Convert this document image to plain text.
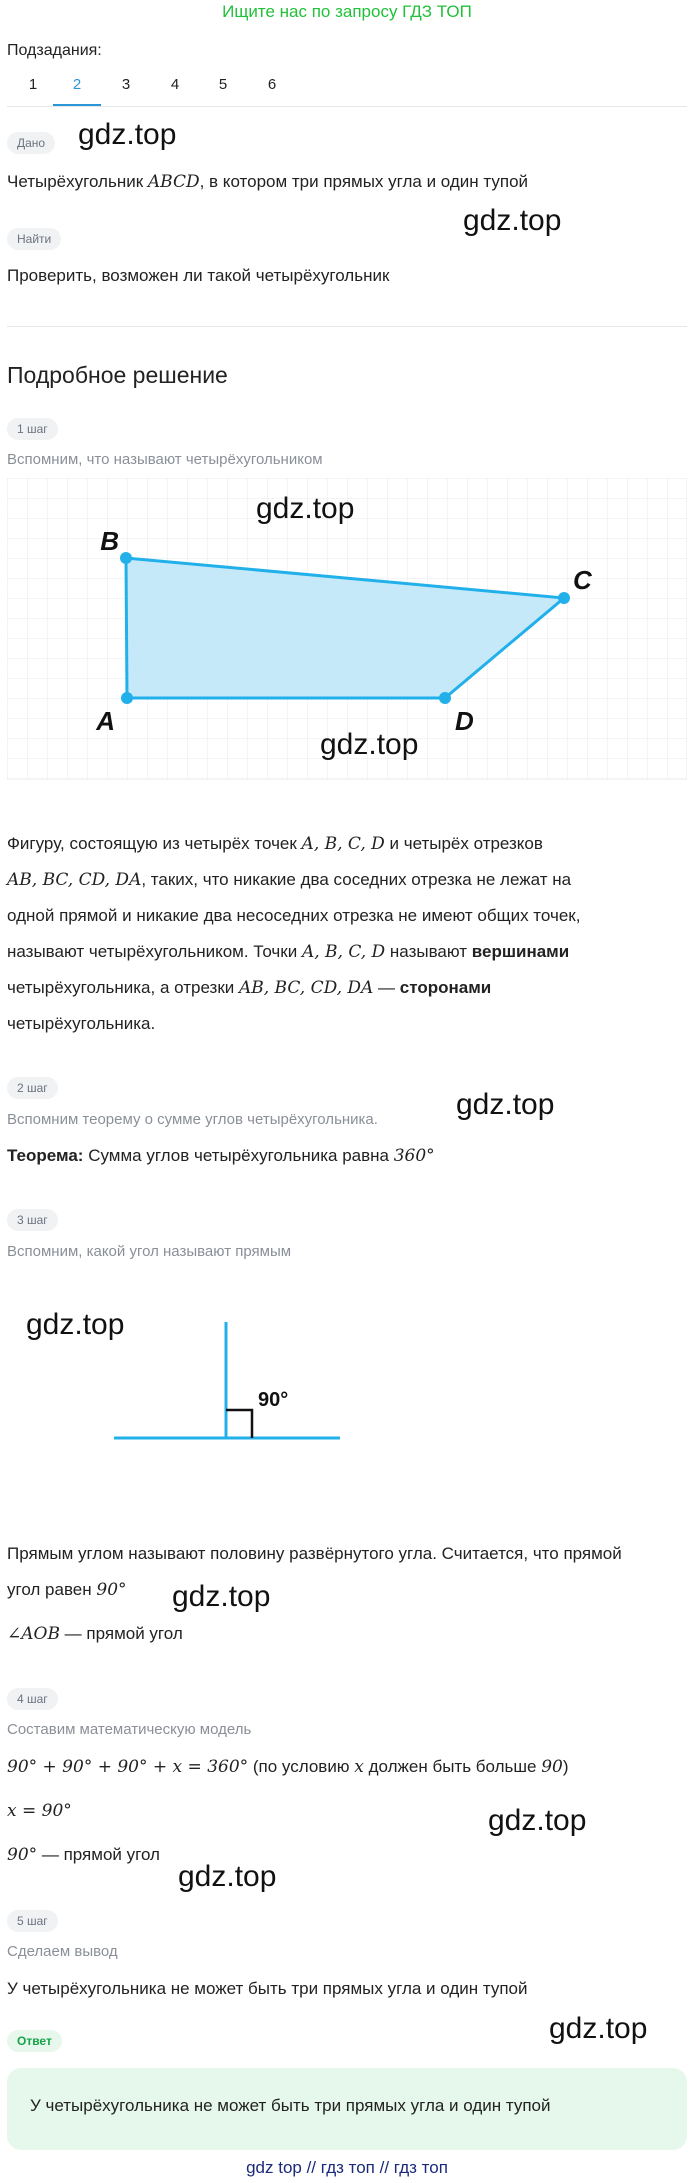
Ищите нас по запросу ГДЗ ТОП
Подзадания:
1	2	3	4	5	6
Дано	gdz.top
Четырёхугольник ABCD, в котором три прямых угла и один тупой
Найти
gdz.top
Проверить, возможен ли такой четырёхугольник
Подробное решение
1 шаг
Вспомним, что называют четырёхугольником
B
C
A	D
gdz.top
gdz.top
Фигуру, состоящую из четырёх точек A, B, C, D и четырёх отрезков
AB, BC, CD, DA, таких, что никакие два соседних отрезка не лежат на
одной прямой и никакие два несоседних отрезка не имеют общих точек,
называют четырёхугольником. Точки A, B, C, D называют вершинами
четырёхугольника, а отрезки AB, BC, CD, DA — сторонами
четырёхугольника.
2 шаг	gdz.top
Вспомним теорему о сумме углов четырёхугольника.
Теорема: Сумма углов четырёхугольника равна 360°
3 шаг
Вспомним, какой угол называют прямым
gdz.top
90°
Прямым углом называют половину развёрнутого угла. Считается, что прямой
угол равен 90° gdz.top
∠AOB — прямой угол
4 шаг
Составим математическую модель
90° + 90° + 90° + x = 360° (по условию x должен быть больше 90)
x = 90°	gdz.top
90° — прямой угол
gdz.top
5 шаг
Сделаем вывод
У четырёхугольника не может быть три прямых угла и один тупой
Ответ	gdz.top
У четырёхугольника не может быть три прямых угла и один тупой
gdz top // гдз топ // гдз топ
